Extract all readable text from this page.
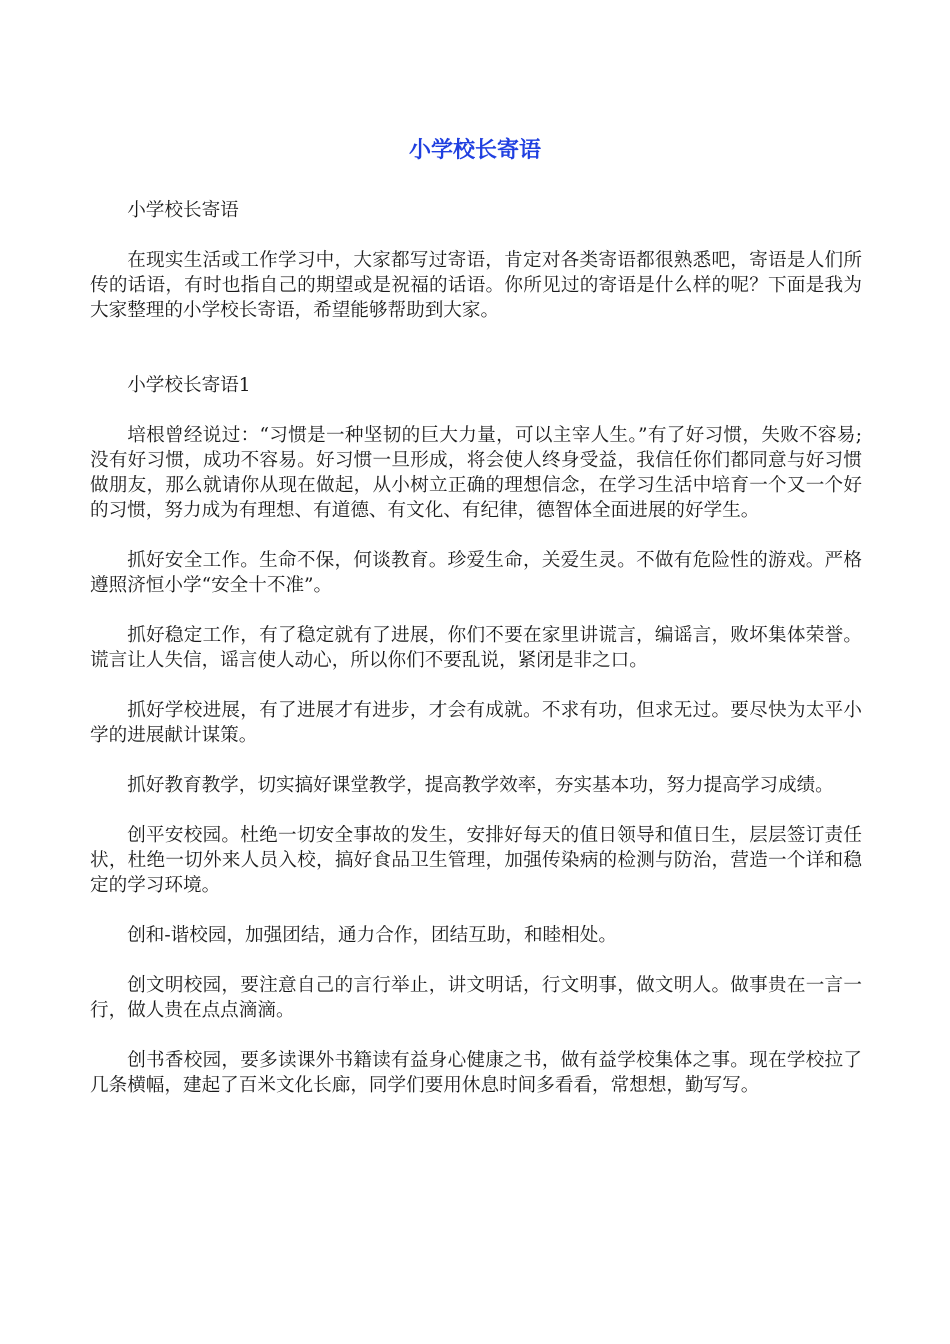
小学校长寄语

小学校长寄语

在现实生活或工作学习中，大家都写过寄语，肯定对各类寄语都很熟悉吧，寄语是人们所传的话语，有时也指自己的期望或是祝福的话语。你所见过的寄语是什么样的呢？下面是我为大家整理的小学校长寄语，希望能够帮助到大家。

小学校长寄语1

培根曾经说过：“习惯是一种坚韧的巨大力量，可以主宰人生。”有了好习惯，失败不容易;没有好习惯，成功不容易。好习惯一旦形成，将会使人终身受益，我信任你们都同意与好习惯做朋友，那么就请你从现在做起，从小树立正确的理想信念，在学习生活中培育一个又一个好的习惯，努力成为有理想、有道德、有文化、有纪律，德智体全面进展的好学生。

抓好安全工作。生命不保，何谈教育。珍爱生命，关爱生灵。不做有危险性的游戏。严格遵照济恒小学“安全十不准”。

抓好稳定工作，有了稳定就有了进展，你们不要在家里讲谎言，编谣言，败坏集体荣誉。谎言让人失信，谣言使人动心，所以你们不要乱说，紧闭是非之口。

抓好学校进展，有了进展才有进步，才会有成就。不求有功，但求无过。要尽快为太平小学的进展献计谋策。

抓好教育教学，切实搞好课堂教学，提高教学效率，夯实基本功，努力提高学习成绩。

创平安校园。杜绝一切安全事故的发生，安排好每天的值日领导和值日生，层层签订责任状，杜绝一切外来人员入校，搞好食品卫生管理，加强传染病的检测与防治，营造一个详和稳定的学习环境。

创和-谐校园，加强团结，通力合作，团结互助，和睦相处。

创文明校园，要注意自己的言行举止，讲文明话，行文明事，做文明人。做事贵在一言一行，做人贵在点点滴滴。

创书香校园，要多读课外书籍读有益身心健康之书，做有益学校集体之事。现在学校拉了几条横幅，建起了百米文化长廊，同学们要用休息时间多看看，常想想，勤写写。
